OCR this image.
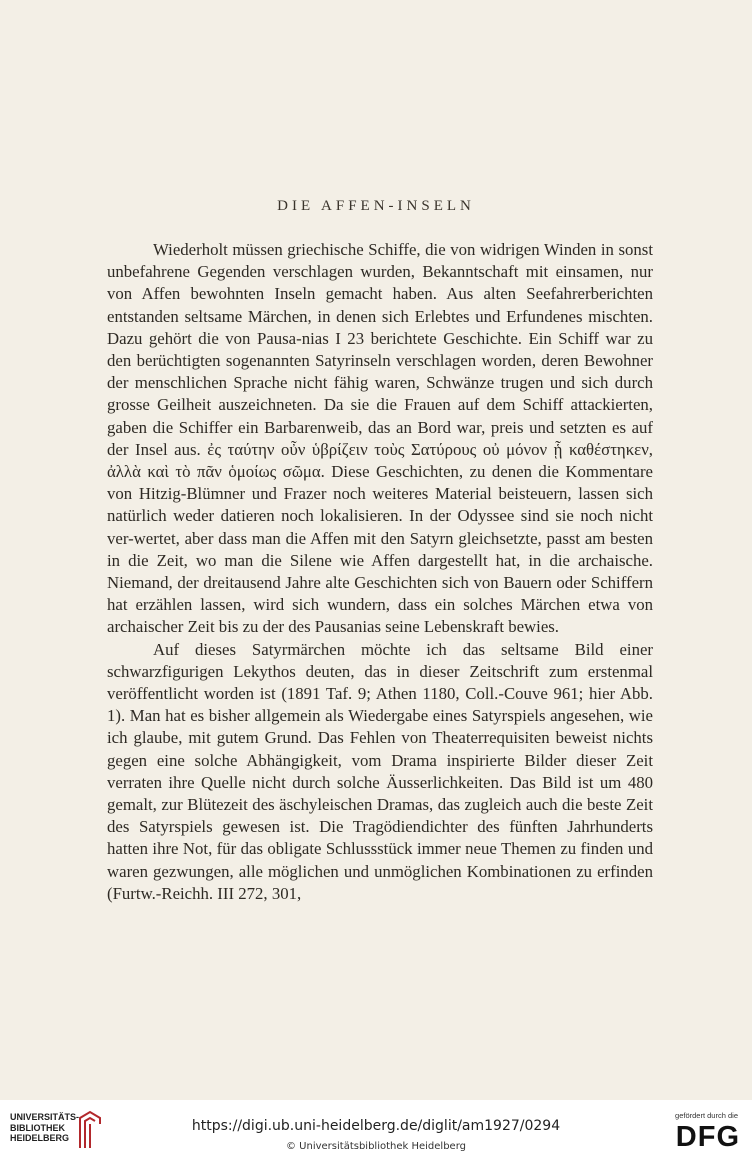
DIE AFFEN-INSELN

Wiederholt müssen griechische Schiffe, die von widrigen Winden in sonst unbefahrene Gegenden verschlagen wurden, Bekanntschaft mit einsamen, nur von Affen bewohnten Inseln gemacht haben. Aus alten Seefahrerberichten entstanden seltsame Märchen, in denen sich Erlebtes und Erfundenes mischten. Dazu gehört die von Pausa-nias I 23 berichtete Geschichte. Ein Schiff war zu den berüchtigten sogenannten Satyrinseln verschlagen worden, deren Bewohner der menschlichen Sprache nicht fähig waren, Schwänze trugen und sich durch grosse Geilheit auszeichneten. Da sie die Frauen auf dem Schiff attackierten, gaben die Schiffer ein Barbarenweib, das an Bord war, preis und setzten es auf der Insel aus. ἐς ταύτην οὖν ὑβρίζειν τοὺς Σατύρους οὐ μόνον ᾗ καθέστηκεν, ἀλλὰ καὶ τὸ πᾶν ὁμοίως σῶμα. Diese Geschichten, zu denen die Kommentare von Hitzig-Blümner und Frazer noch weiteres Material beisteuern, lassen sich natürlich weder datieren noch lokalisieren. In der Odyssee sind sie noch nicht ver-wertet, aber dass man die Affen mit den Satyrn gleichsetzte, passt am besten in die Zeit, wo man die Silene wie Affen dargestellt hat, in die archaische. Niemand, der dreitausend Jahre alte Geschichten sich von Bauern oder Schiffern hat erzählen lassen, wird sich wundern, dass ein solches Märchen etwa von archaischer Zeit bis zu der des Pausanias seine Lebenskraft bewies.

Auf dieses Satyrmärchen möchte ich das seltsame Bild einer schwarzfigurigen Lekythos deuten, das in dieser Zeitschrift zum erstenmal veröffentlicht worden ist (1891 Taf. 9; Athen 1180, Coll.-Couve 961; hier Abb. 1). Man hat es bisher allgemein als Wiedergabe eines Satyrspiels angesehen, wie ich glaube, mit gutem Grund. Das Fehlen von Theaterrequisiten beweist nichts gegen eine solche Abhängigkeit, vom Drama inspirierte Bilder dieser Zeit verraten ihre Quelle nicht durch solche Äusserlichkeiten. Das Bild ist um 480 gemalt, zur Blütezeit des äschyleischen Dramas, das zugleich auch die beste Zeit des Satyrspiels gewesen ist. Die Tragödiendichter des fünften Jahrhunderts hatten ihre Not, für das obligate Schlussstück immer neue Themen zu finden und waren gezwungen, alle möglichen und unmöglichen Kombinationen zu erfinden (Furtw.-Reichh. III 272, 301,

UNIVERSITÄTS-
BIBLIOTHEK
HEIDELBERG
https://digi.ub.uni-heidelberg.de/diglit/am1927/0294
© Universitätsbibliothek Heidelberg
gefördert durch die
DFG
